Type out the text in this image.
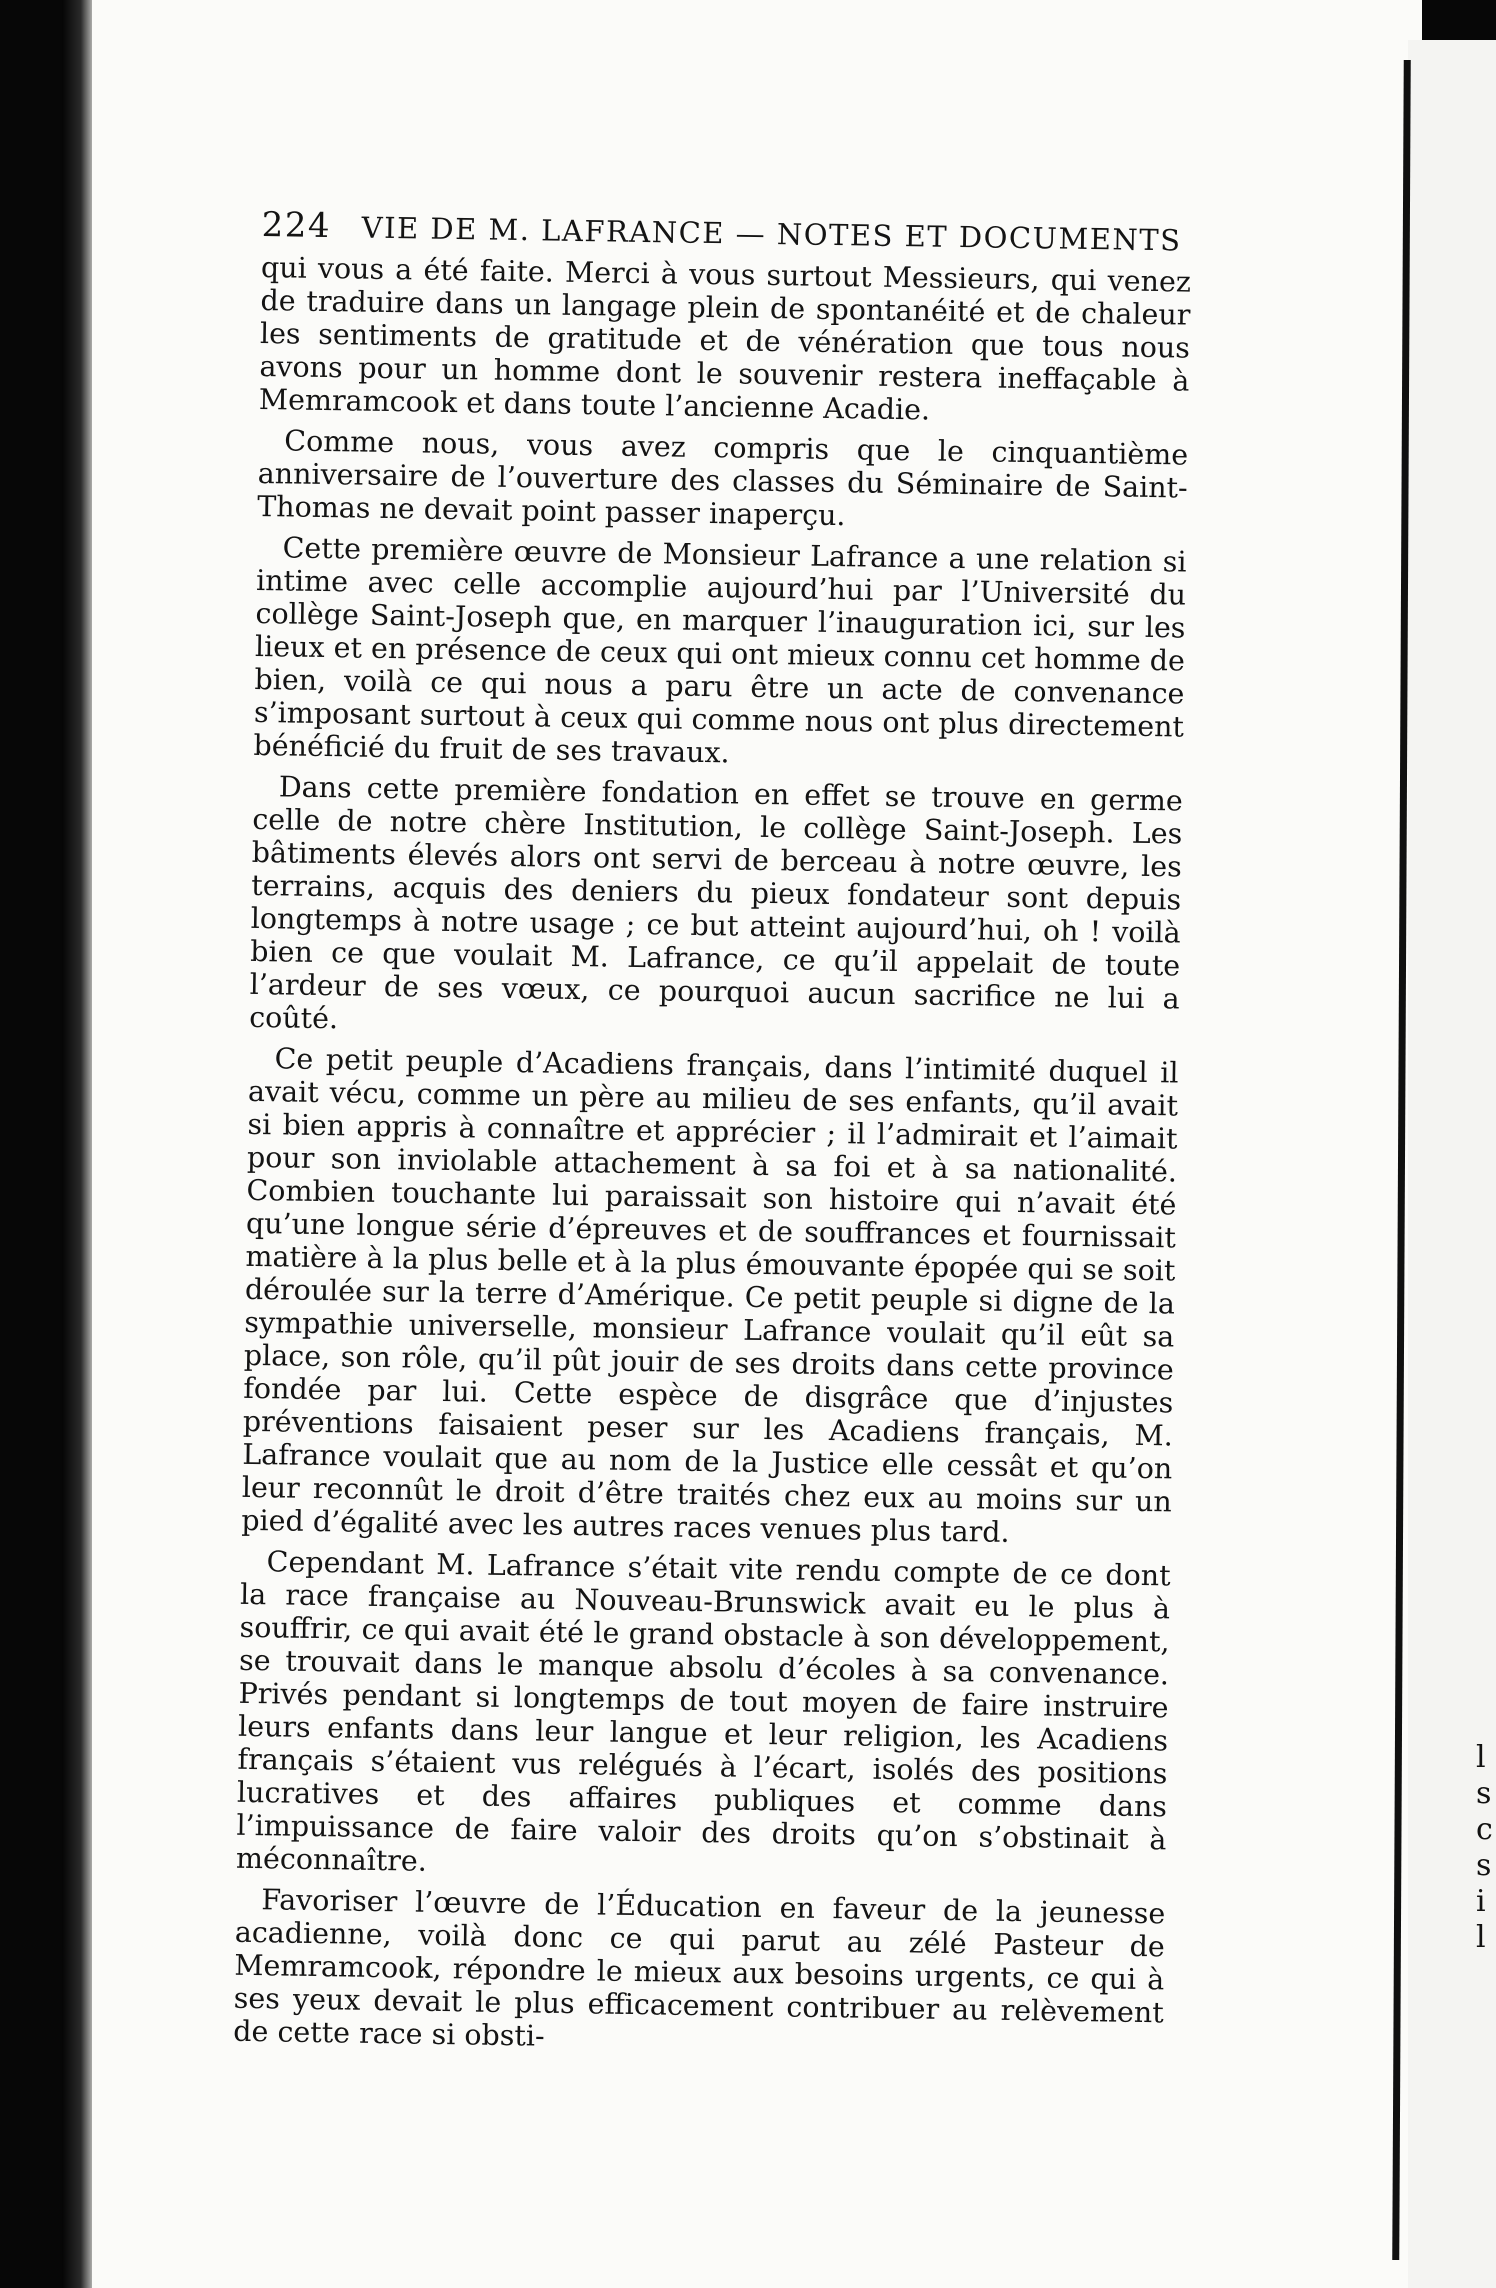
l
s
c
s
i
l
224	VIE DE M. LAFRANCE — NOTES ET DOCUMENTS

qui vous a été faite. Merci à vous surtout Messieurs, qui venez de traduire dans un langage plein de spontanéité et de chaleur les sentiments de gratitude et de vénération que tous nous avons pour un homme dont le souvenir restera ineffaçable à Memramcook et dans toute l’ancienne Acadie.

Comme nous, vous avez compris que le cinquantième anniversaire de l’ouverture des classes du Séminaire de Saint-Thomas ne devait point passer inaperçu.

Cette première œuvre de Monsieur Lafrance a une relation si intime avec celle accomplie aujourd’hui par l’Université du collège Saint-Joseph que, en marquer l’inauguration ici, sur les lieux et en présence de ceux qui ont mieux connu cet homme de bien, voilà ce qui nous a paru être un acte de convenance s’imposant surtout à ceux qui comme nous ont plus directement bénéficié du fruit de ses travaux.

Dans cette première fondation en effet se trouve en germe celle de notre chère Institution, le collège Saint-Joseph. Les bâtiments élevés alors ont servi de berceau à notre œuvre, les terrains, acquis des deniers du pieux fondateur sont depuis longtemps à notre usage ; ce but atteint aujourd’hui, oh ! voilà bien ce que voulait M. Lafrance, ce qu’il appelait de toute l’ardeur de ses vœux, ce pourquoi aucun sacrifice ne lui a coûté.

Ce petit peuple d’Acadiens français, dans l’intimité duquel il avait vécu, comme un père au milieu de ses enfants, qu’il avait si bien appris à connaître et apprécier ; il l’admirait et l’aimait pour son inviolable attachement à sa foi et à sa nationalité. Combien touchante lui paraissait son histoire qui n’avait été qu’une longue série d’épreuves et de souffrances et fournissait matière à la plus belle et à la plus émouvante épopée qui se soit déroulée sur la terre d’Amérique. Ce petit peuple si digne de la sympathie universelle, monsieur Lafrance voulait qu’il eût sa place, son rôle, qu’il pût jouir de ses droits dans cette province fondée par lui. Cette espèce de disgrâce que d’injustes préventions faisaient peser sur les Acadiens français, M. Lafrance voulait que au nom de la Justice elle cessât et qu’on leur reconnût le droit d’être traités chez eux au moins sur un pied d’égalité avec les autres races venues plus tard.

Cependant M. Lafrance s’était vite rendu compte de ce dont la race française au Nouveau-Brunswick avait eu le plus à souffrir, ce qui avait été le grand obstacle à son développement, se trouvait dans le manque absolu d’écoles à sa convenance. Privés pendant si longtemps de tout moyen de faire instruire leurs enfants dans leur langue et leur religion, les Acadiens français s’étaient vus relégués à l’écart, isolés des positions lucratives et des affaires publiques et comme dans l’impuissance de faire valoir des droits qu’on s’obstinait à méconnaître.

Favoriser l’œuvre de l’Éducation en faveur de la jeunesse acadienne, voilà donc ce qui parut au zélé Pasteur de Memramcook, répondre le mieux aux besoins urgents, ce qui à ses yeux devait le plus efficacement contribuer au relèvement de cette race si obsti-
